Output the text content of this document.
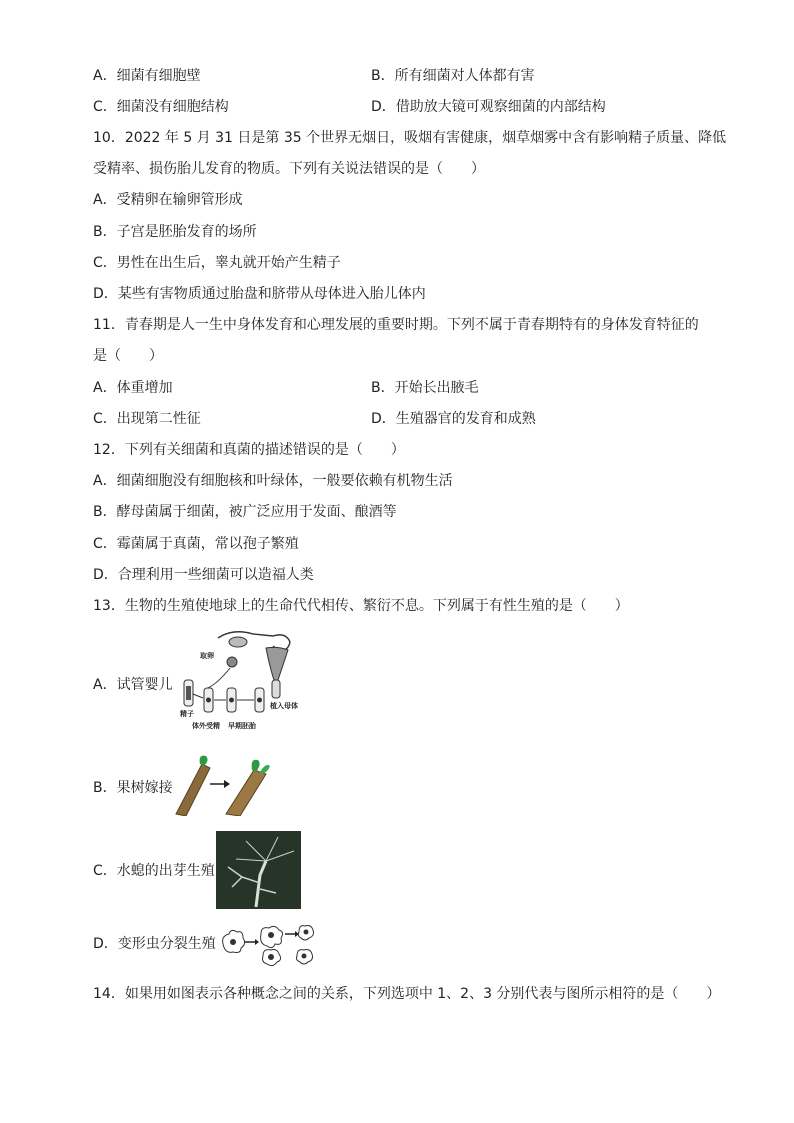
A．细菌有细胞壁	B．所有细菌对人体都有害
C．细菌没有细胞结构	D．借助放大镜可观察细菌的内部结构
10．2022 年 5 月 31 日是第 35 个世界无烟日，吸烟有害健康，烟草烟雾中含有影响精子质量、降低
受精率、损伤胎儿发育的物质。下列有关说法错误的是（　　）
A．受精卵在输卵管形成
B．子宫是胚胎发育的场所
C．男性在出生后，睾丸就开始产生精子
D．某些有害物质通过胎盘和脐带从母体进入胎儿体内
11．青春期是人一生中身体发育和心理发展的重要时期。下列不属于青春期特有的身体发育特征的
是（　　）
A．体重增加	B．开始长出腋毛
C．出现第二性征	D．生殖器官的发育和成熟
12．下列有关细菌和真菌的描述错误的是（　　）
A．细菌细胞没有细胞核和叶绿体，一般要依赖有机物生活
B．酵母菌属于细菌，被广泛应用于发面、酿酒等
C．霉菌属于真菌，常以孢子繁殖
D．合理利用一些细菌可以造福人类
13．生物的生殖使地球上的生命代代相传、繁衍不息。下列属于有性生殖的是（　　）
A．试管婴儿
取卵
精子
植入母体
体外受精 早期胚胎
B．果树嫁接
C．水螅的出芽生殖
D．变形虫分裂生殖
14．如果用如图表示各种概念之间的关系，下列选项中 1、2、3 分别代表与图所示相符的是（　　）
